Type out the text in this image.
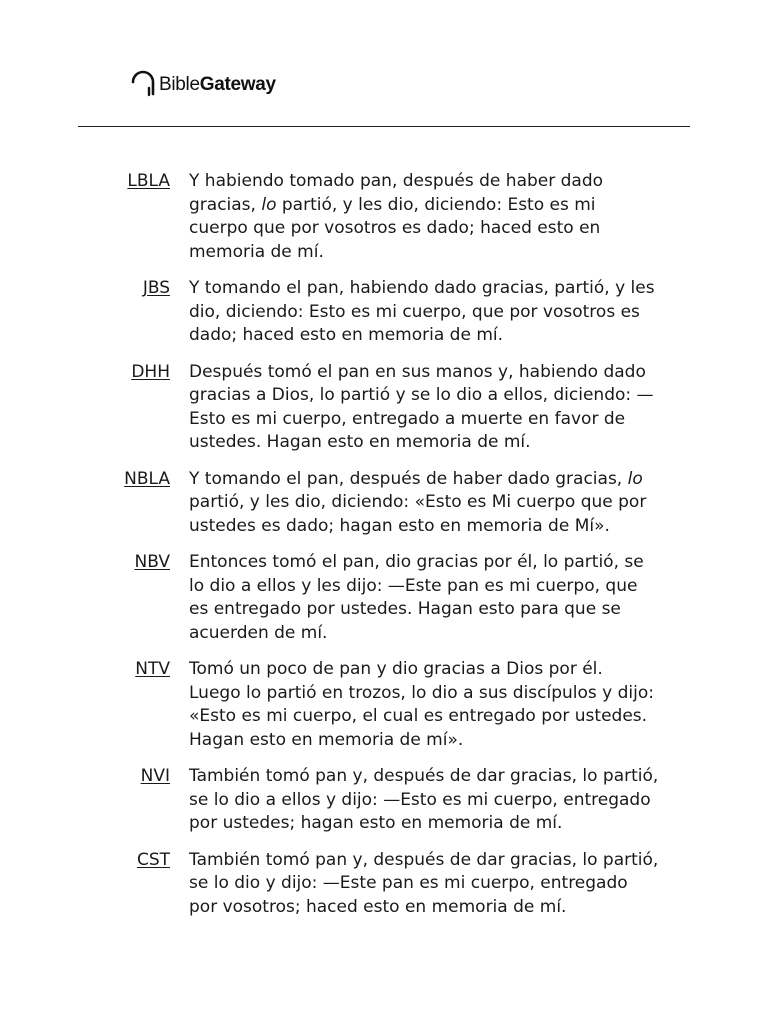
BibleGateway
LBLA Y habiendo tomado pan, después de haber dado gracias, lo partió, y les dio, diciendo: Esto es mi cuerpo que por vosotros es dado; haced esto en memoria de mí.
JBS Y tomando el pan, habiendo dado gracias, partió, y les dio, diciendo: Esto es mi cuerpo, que por vosotros es dado; haced esto en memoria de mí.
DHH Después tomó el pan en sus manos y, habiendo dado gracias a Dios, lo partió y se lo dio a ellos, diciendo: —Esto es mi cuerpo, entregado a muerte en favor de ustedes. Hagan esto en memoria de mí.
NBLA Y tomando el pan, después de haber dado gracias, lo partió, y les dio, diciendo: «Esto es Mi cuerpo que por ustedes es dado; hagan esto en memoria de Mí».
NBV Entonces tomó el pan, dio gracias por él, lo partió, se lo dio a ellos y les dijo: —Este pan es mi cuerpo, que es entregado por ustedes. Hagan esto para que se acuerden de mí.
NTV Tomó un poco de pan y dio gracias a Dios por él. Luego lo partió en trozos, lo dio a sus discípulos y dijo: «Esto es mi cuerpo, el cual es entregado por ustedes. Hagan esto en memoria de mí».
NVI También tomó pan y, después de dar gracias, lo partió, se lo dio a ellos y dijo: —Esto es mi cuerpo, entregado por ustedes; hagan esto en memoria de mí.
CST También tomó pan y, después de dar gracias, lo partió, se lo dio y dijo: —Este pan es mi cuerpo, entregado por vosotros; haced esto en memoria de mí.
